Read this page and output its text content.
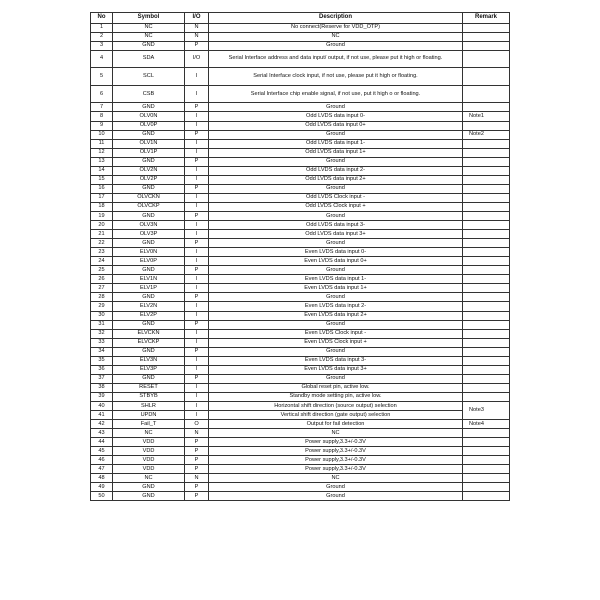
No	Symbol	I/O	Description	Remark
1	NC	N	No connect(Reserve for VDD_OTP)	
2	NC	N	NC	
3	GND	P	Ground	
4	SDA	I/O	Serial Interface address and data input/ output, if not use, please put it high or floating.	
5	SCL	I	Serial Interface clock input, if not use, please put it high or floating.	
6	CSB	I	Serial Interface chip enable signal, if not use, put it high o or floating.	
7	GND	P	Ground	
8	OLV0N	I	Odd LVDS data input 0-	Note1
9	OLV0P	I	Odd LVDS data input 0+	
10	GND	P	Ground	Note2
11	OLV1N	I	Odd LVDS data input 1-	
12	OLV1P	I	Odd LVDS data input 1+	
13	GND	P	Ground	
14	OLV2N	I	Odd LVDS data input 2-	
15	OLV2P	I	Odd LVDS data input 2+	
16	GND	P	Ground	
17	OLVCKN	I	Odd LVDS Clock input -	
18	OLVCKP	I	Odd LVDS Clock input +	
19	GND	P	Ground	
20	OLV3N	I	Odd LVDS data input 3-	
21	OLV3P	I	Odd LVDS data input 3+	
22	GND	P	Ground	
23	ELV0N	I	Even LVDS data input 0-	
24	ELV0P	I	Even LVDS data input 0+	
25	GND	P	Ground	
26	ELV1N	I	Even LVDS data input 1-	
27	ELV1P	I	Even LVDS data input 1+	
28	GND	P	Ground	
29	ELV2N	I	Even LVDS data input 2-	
30	ELV2P	I	Even LVDS data input 2+	
31	GND	P	Ground	
32	ELVCKN	I	Even LVDS Clock input -	
33	ELVCKP	I	Even LVDS Clock input +	
34	GND	P	Ground	
35	ELV3N	I	Even LVDS data input 3-	
36	ELV3P	I	Even LVDS data input 3+	
37	GND	P	Ground	
38	RESET	I	Global reset pin, active low.	
39	STBYB	I	Standby mode setting pin, active low.	
40	SHLR	I	Horizontal shift direction (source output) selection	Note3
41	UPDN	I	Vertical shift direction (gate output) selection	
42	Fail_T	O	Output for fail detection	Note4
43	NC	N	NC	
44	VDD	P	Power supply,3.3+/-0.3V	
45	VDD	P	Power supply,3.3+/-0.3V	
46	VDD	P	Power supply,3.3+/-0.3V	
47	VDD	P	Power supply,3.3+/-0.3V	
48	NC	N	NC	
49	GND	P	Ground	
50	GND	P	Ground	
